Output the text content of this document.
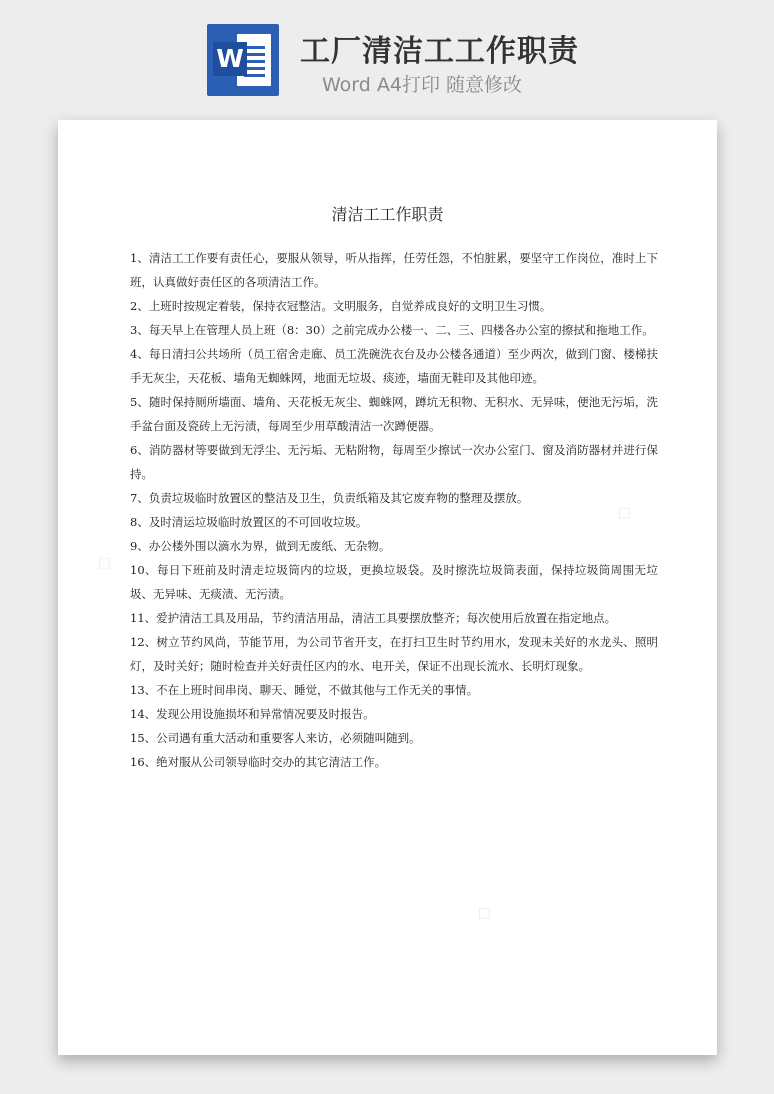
W 工厂清洁工工作职责
Word A4打印 随意修改
◇
◇
◇
清洁工工作职责

1、清洁工工作要有责任心，要服从领导，听从指挥，任劳任怨，不怕脏累，要坚守工作岗位，准时上下班，认真做好责任区的各项清洁工作。

2、上班时按规定着装，保持衣冠整洁。文明服务，自觉养成良好的文明卫生习惯。

3、每天早上在管理人员上班（8：30）之前完成办公楼一、二、三、四楼各办公室的擦拭和拖地工作。

4、每日清扫公共场所（员工宿舍走廊、员工洗碗洗衣台及办公楼各通道）至少两次，做到门窗、楼梯扶手无灰尘，天花板、墙角无蜘蛛网，地面无垃圾、痰迹，墙面无鞋印及其他印迹。

5、随时保持厕所墙面、墙角、天花板无灰尘、蜘蛛网，蹲坑无积物、无积水、无异味，便池无污垢，洗手盆台面及瓷砖上无污渍，每周至少用草酸清洁一次蹲便器。

6、消防器材等要做到无浮尘、无污垢、无粘附物，每周至少擦试一次办公室门、窗及消防器材并进行保持。

7、负责垃圾临时放置区的整洁及卫生，负责纸箱及其它废弃物的整理及摆放。

8、及时清运垃圾临时放置区的不可回收垃圾。

9、办公楼外围以滴水为界，做到无废纸、无杂物。

10、每日下班前及时清走垃圾筒内的垃圾，更换垃圾袋。及时擦洗垃圾筒表面，保持垃圾筒周围无垃圾、无异味、无痰渍、无污渍。

11、爱护清洁工具及用品，节约清洁用品，清洁工具要摆放整齐；每次使用后放置在指定地点。

12、树立节约风尚，节能节用，为公司节省开支，在打扫卫生时节约用水，发现未关好的水龙头、照明灯，及时关好；随时检查并关好责任区内的水、电开关，保证不出现长流水、长明灯现象。

13、不在上班时间串岗、聊天、睡觉，不做其他与工作无关的事情。

14、发现公用设施损坏和异常情况要及时报告。

15、公司遇有重大活动和重要客人来访，必须随叫随到。

16、绝对服从公司领导临时交办的其它清洁工作。
